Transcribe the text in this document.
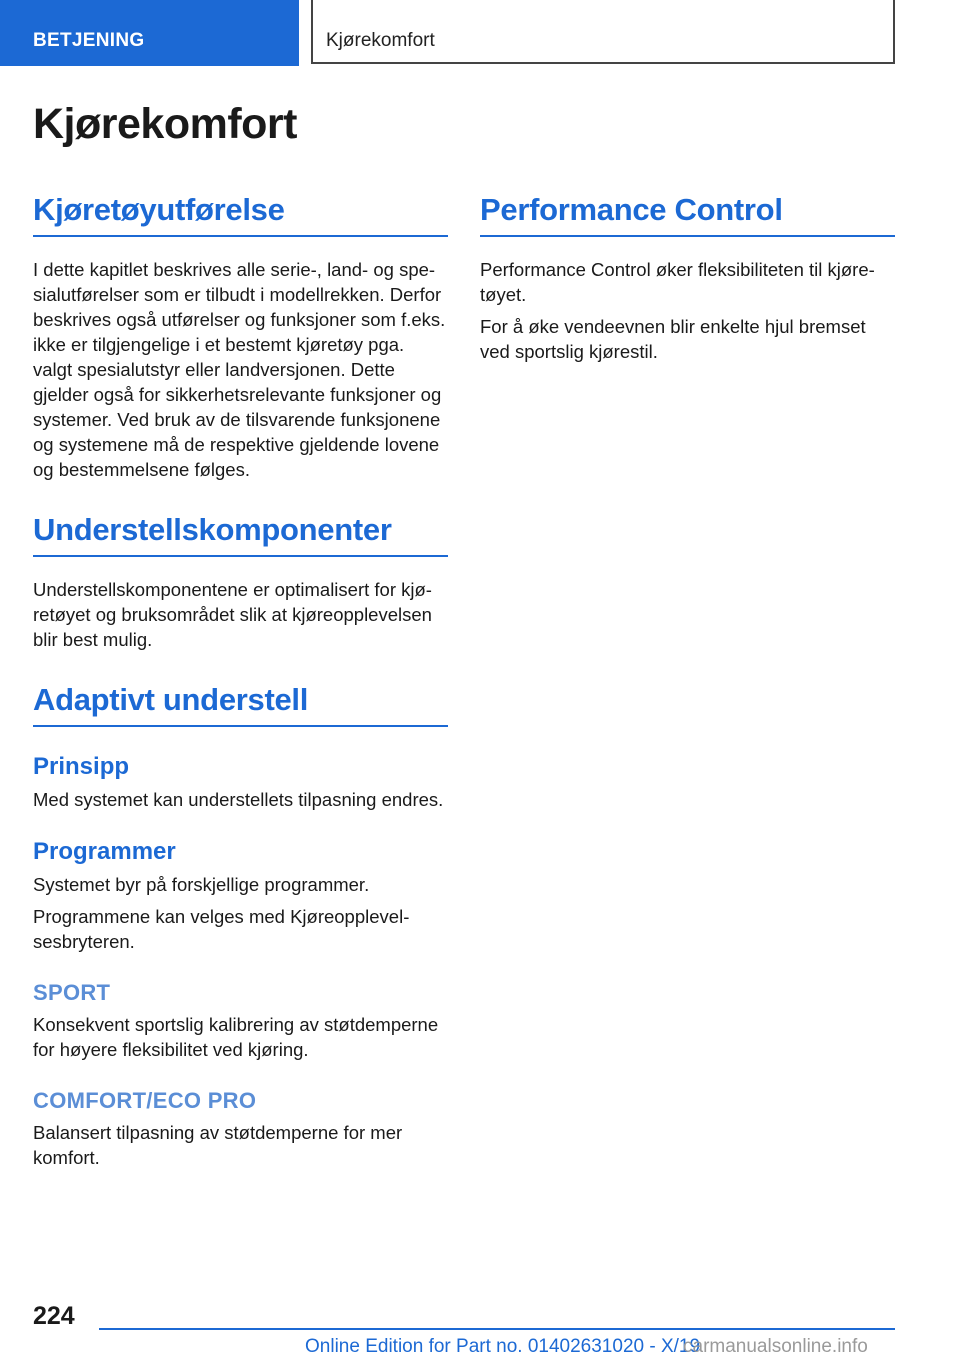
BETJENING	Kjørekomfort
Kjørekomfort
Kjøretøyutførelse

I dette kapitlet beskrives alle serie-, land- og spesialutførelser som er tilbudt i modellrekken. Derfor beskrives også utførelser og funksjoner som f.eks. ikke er tilgjengelige i et bestemt kjøretøy pga. valgt spesialutstyr eller landversjonen. Dette gjelder også for sikkerhetsrelevante funksjoner og systemer. Ved bruk av de tilsvarende funksjonene og systemene må de respektive gjeldende lovene og bestemmelsene følges.

Understellskomponenter

Understellskomponentene er optimalisert for kjøretøyet og bruksområdet slik at kjøreopplevelsen blir best mulig.

Adaptivt understell
Prinsipp

Med systemet kan understellets tilpasning endres.

Programmer

Systemet byr på forskjellige programmer.

Programmene kan velges med Kjøreopplevelsesbryteren.

SPORT

Konsekvent sportslig kalibrering av støtdemperne for høyere fleksibilitet ved kjøring.

COMFORT/ECO PRO

Balansert tilpasning av støtdemperne for mer komfort.

Performance Control

Performance Control øker fleksibiliteten til kjøretøyet.

For å øke vendeevnen blir enkelte hjul bremset ved sportslig kjørestil.

224
Online Edition for Part no. 01402631020 - X/19
carmanualsonline.info
